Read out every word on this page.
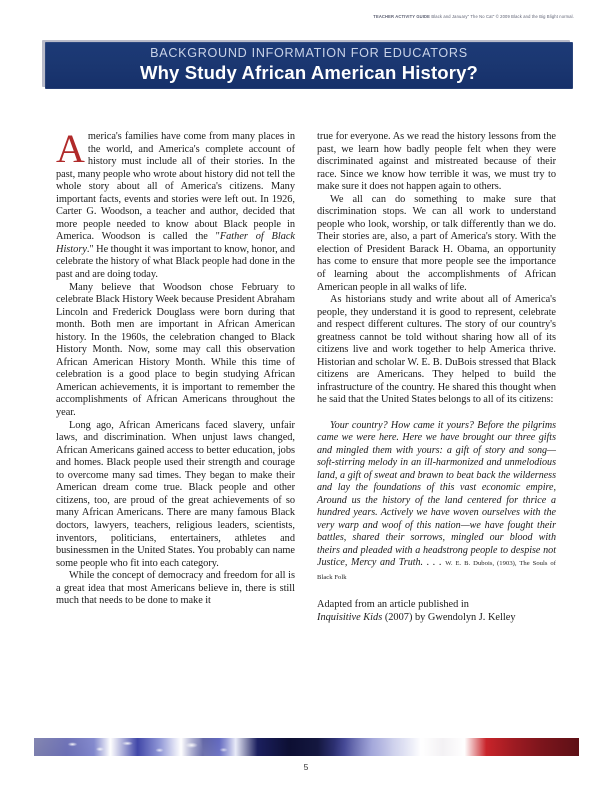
TEACHER ACTIVITY GUIDE Black and January" The No Cat" © 2009 Black and the Big Blight normal.
BACKGROUND INFORMATION FOR EDUCATORS
Why Study African American History?

America's families have come from many places in the world, and America's complete account of history must include all of their stories. In the past, many people who wrote about history did not tell the whole story about all of America's citizens. Many important facts, events and stories were left out. In 1926, Carter G. Woodson, a teacher and author, decided that more people needed to know about Black people in America. Woodson is called the "Father of Black History." He thought it was important to know, honor, and celebrate the history of what Black people had done in the past and are doing today.

Many believe that Woodson chose February to celebrate Black History Week because President Abraham Lincoln and Frederick Douglass were born during that month. Both men are important in African American history. In the 1960s, the celebration changed to Black History Month. Now, some may call this observation African American History Month. While this time of celebration is a good place to begin studying African American achievements, it is important to remember the accomplishments of African Americans throughout the year.

Long ago, African Americans faced slavery, unfair laws, and discrimination. When unjust laws changed, African Americans gained access to better education, jobs and homes. Black people used their strength and courage to overcome many sad times. They began to make their American dream come true. Black people and other citizens, too, are proud of the great achievements of so many African Americans. There are many famous Black doctors, lawyers, teachers, religious leaders, scientists, inventors, politicians, entertainers, athletes and businessmen in the United States. You probably can name some people who fit into each category.

While the concept of democracy and freedom for all is a great idea that most Americans believe in, there is still much that needs to be done to make it

true for everyone. As we read the history lessons from the past, we learn how badly people felt when they were discriminated against and mistreated because of their race. Since we know how terrible it was, we must try to make sure it does not happen again to others.

We all can do something to make sure that discrimination stops. We can all work to understand people who look, worship, or talk differently than we do. Their stories are, also, a part of America's story. With the election of President Barack H. Obama, an opportunity has come to ensure that more people see the importance of learning about the accomplishments of African American people in all walks of life.

As historians study and write about all of America's people, they understand it is good to represent, celebrate and respect different cultures. The story of our country's greatness cannot be told without sharing how all of its citizens live and work together to help America thrive. Historian and scholar W. E. B. DuBois stressed that Black citizens are Americans. They helped to build the infrastructure of the country. He shared this thought when he said that the United States belongs to all of its citizens:

Your country? How came it yours? Before the pilgrims came we were here. Here we have brought our three gifts and mingled them with yours: a gift of story and song—soft-stirring melody in an ill-harmonized and unmelodious land, a gift of sweat and brawn to beat back the wilderness and lay the foundations of this vast economic empire, Around us the history of the land centered for thrice a hundred years. Actively we have woven ourselves with the very warp and woof of this nation—we have fought their battles, shared their sorrows, mingled our blood with theirs and pleaded with a headstrong people to despise not Justice, Mercy and Truth. . . . W. E. B. Dubois, (1903), The Souls of Black Folk
Adapted from an article published in
Inquisitive Kids (2007) by Gwendolyn J. Kelley
5
